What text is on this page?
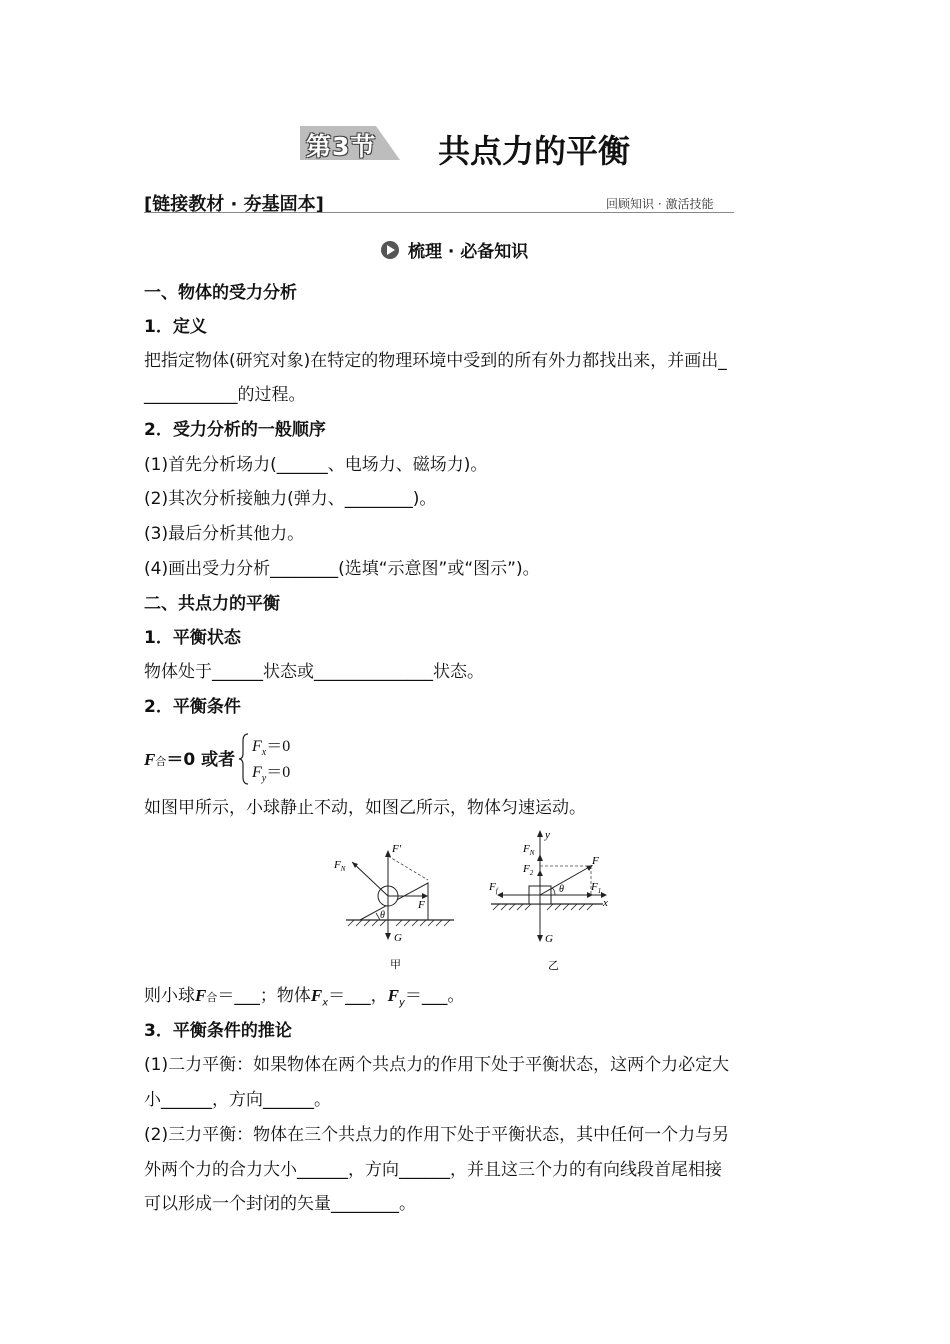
第3节 共点力的平衡
[链接教材 · 夯基固本]	回顾知识 · 激活技能
梳理 · 必备知识
一、物体的受力分析
1．定义
把指定物体(研究对象)在特定的物理环境中受到的所有外力都找出来，并画出_
___________的过程。
2．受力分析的一般顺序
(1)首先分析场力(______、电场力、磁场力)。
(2)其次分析接触力(弹力、________)。
(3)最后分析其他力。
(4)画出受力分析________(选填“示意图”或“图示”)。
二、共点力的平衡
1．平衡状态
物体处于______状态或______________状态。
2．平衡条件
F合＝0 或者
$F_x=0$
$F_y=0$
如图甲所示，小球静止不动，如图乙所示，物体匀速运动。
$F_N$
F′
F
θ
G
甲
y
$F_N$
$F_2$
F
$F_f$	$F_1$
θ
x
G
乙
则小球F合＝___；物体$F_x=\_\_\_$，$F_y=\_\_\_$。
3．平衡条件的推论
(1)二力平衡：如果物体在两个共点力的作用下处于平衡状态，这两个力必定大
小______，方向______。
(2)三力平衡：物体在三个共点力的作用下处于平衡状态，其中任何一个力与另
外两个力的合力大小______，方向______，并且这三个力的有向线段首尾相接
可以形成一个封闭的矢量________。
